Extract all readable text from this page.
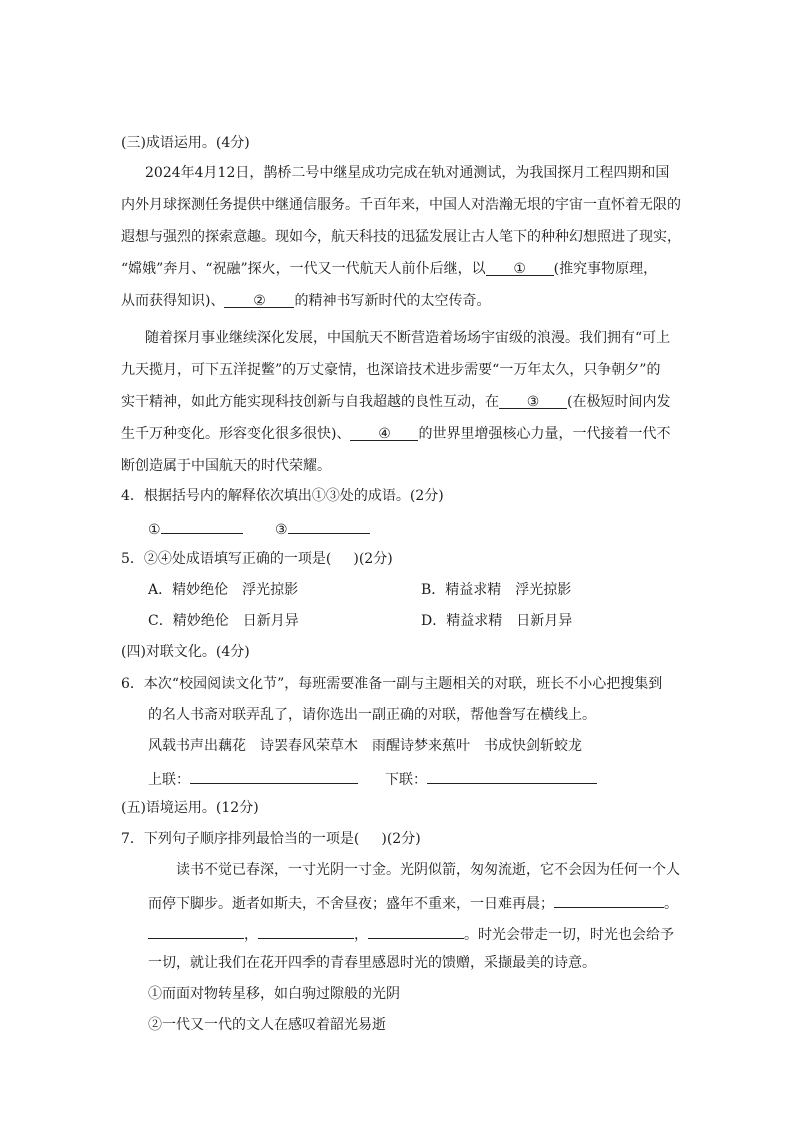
(三)成语运用。(4分)
2024年4月12日，鹊桥二号中继星成功完成在轨对通测试，为我国探月工程四期和国
内外月球探测任务提供中继通信服务。千百年来，中国人对浩瀚无垠的宇宙一直怀着无限的
遐想与强烈的探索意趣。现如今，航天科技的迅猛发展让古人笔下的种种幻想照进了现实，
“嫦娥”奔月、“祝融”探火，一代又一代航天人前仆后继，以 ① (推究事物原理，
从而获得知识)、 ② 的精神书写新时代的太空传奇。
随着探月事业继续深化发展，中国航天不断营造着场场宇宙级的浪漫。我们拥有“可上
九天揽月，可下五洋捉鳖”的万丈豪情，也深谙技术进步需要“一万年太久，只争朝夕”的
实干精神，如此方能实现科技创新与自我超越的良性互动，在 ③ (在极短时间内发
生千万种变化。形容变化很多很快)、 ④ 的世界里增强核心力量，一代接着一代不
断创造属于中国航天的时代荣耀。
4．根据括号内的解释依次填出①③处的成语。(2分)
①	③
5．②④处成语填写正确的一项是( )(2分)
A．精妙绝伦　浮光掠影	B．精益求精　浮光掠影
C．精妙绝伦　日新月异	D．精益求精　日新月异
(四)对联文化。(4分)
6．本次“校园阅读文化节”，每班需要准备一副与主题相关的对联，班长不小心把搜集到
的名人书斋对联弄乱了，请你选出一副正确的对联，帮他誊写在横线上。
风载书声出藕花　诗罢春风荣草木　雨醒诗梦来蕉叶　书成快剑斩蛟龙
上联：	下联：
(五)语境运用。(12分)
7．下列句子顺序排列最恰当的一项是( )(2分)
读书不觉已春深，一寸光阴一寸金。光阴似箭，匆匆流逝，它不会因为任何一个人
而停下脚步。逝者如斯夫，不舍昼夜；盛年不重来，一日难再晨；	。
，	，	。时光会带走一切，时光也会给予
一切，就让我们在花开四季的青春里感恩时光的馈赠，采撷最美的诗意。
①而面对物转星移，如白驹过隙般的光阴
②一代又一代的文人在感叹着韶光易逝
